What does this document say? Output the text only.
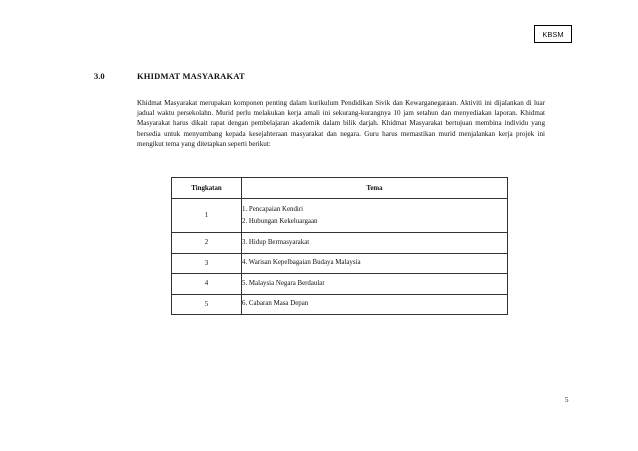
KBSM
3.0	KHIDMAT MASYARAKAT

Khidmat Masyarakat merupakan komponen penting dalam kurikulum Pendidikan Sivik dan Kewarganegaraan. Aktiviti ini dijalankan di luar jadual waktu persekolahn. Murid perlu melakukan kerja amali ini sekurang-kurangnya 10 jam setahun dan menyediakan laporan. Khidmat Masyarakat harus dikait rapat dengan pembelajaran akademik dalam bilik darjah. Khidmat Masyarakat bertujuan membina individu yang bersedia untuk menyumbang kepada kesejahteraan masyarakat dan negara. Guru harus memastikan murid menjalankan kerja projek ini mengikut tema yang ditetapkan seperti berikut:

Tingkatan	Tema
1	1. Pencapaian Kendiri
2. Hubungan Kekeluargaan

2	3. Hidup Bermasyarakat

3	4. Warisan Kepelbagaian Budaya Malaysia

4	5. Malaysia Negara Berdaulat

5	6. Cabaran Masa Depan
5
